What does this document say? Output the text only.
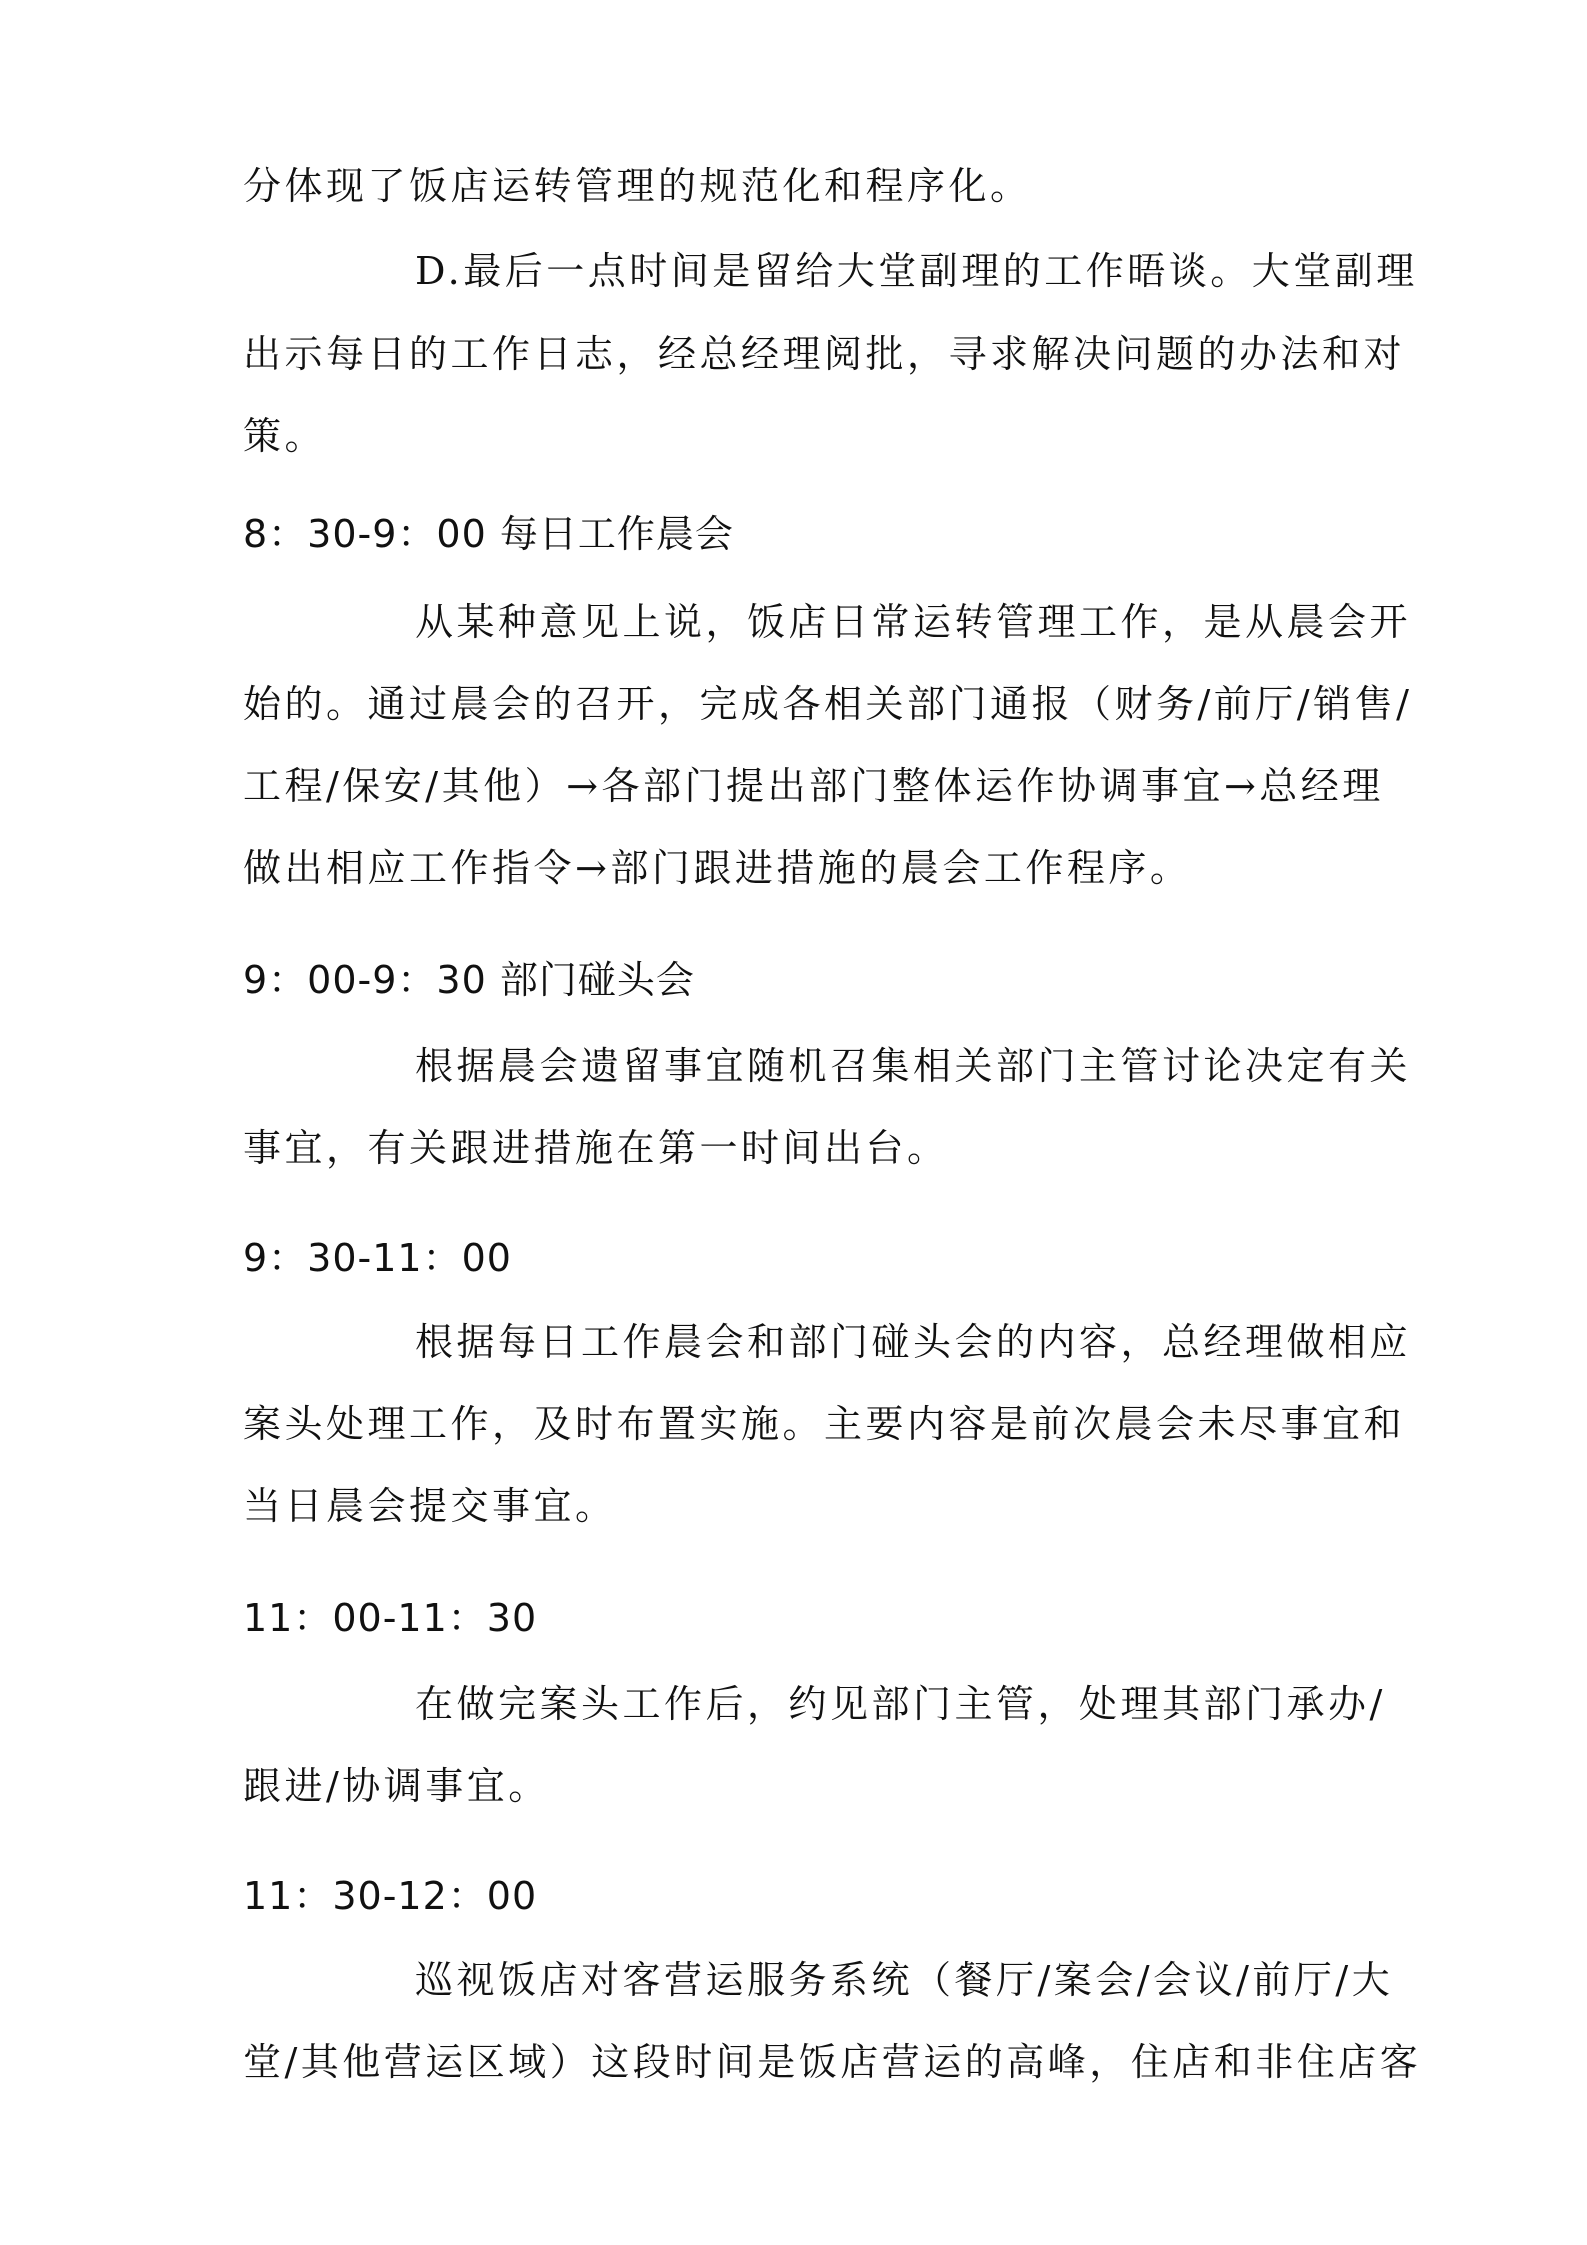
分体现了饭店运转管理的规范化和程序化。
D.最后一点时间是留给大堂副理的工作晤谈。大堂副理
出示每日的工作日志，经总经理阅批，寻求解决问题的办法和对
策。
8：30-9：00 每日工作晨会
从某种意见上说，饭店日常运转管理工作，是从晨会开
始的。通过晨会的召开，完成各相关部门通报（财务/前厅/销售/
工程/保安/其他）→各部门提出部门整体运作协调事宜→总经理
做出相应工作指令→部门跟进措施的晨会工作程序。
9：00-9：30 部门碰头会
根据晨会遗留事宜随机召集相关部门主管讨论决定有关
事宜，有关跟进措施在第一时间出台。
9：30-11：00
根据每日工作晨会和部门碰头会的内容，总经理做相应
案头处理工作，及时布置实施。主要内容是前次晨会未尽事宜和
当日晨会提交事宜。
11：00-11：30
在做完案头工作后，约见部门主管，处理其部门承办/
跟进/协调事宜。
11：30-12：00
巡视饭店对客营运服务系统（餐厅/案会/会议/前厅/大
堂/其他营运区域）这段时间是饭店营运的高峰，住店和非住店客
